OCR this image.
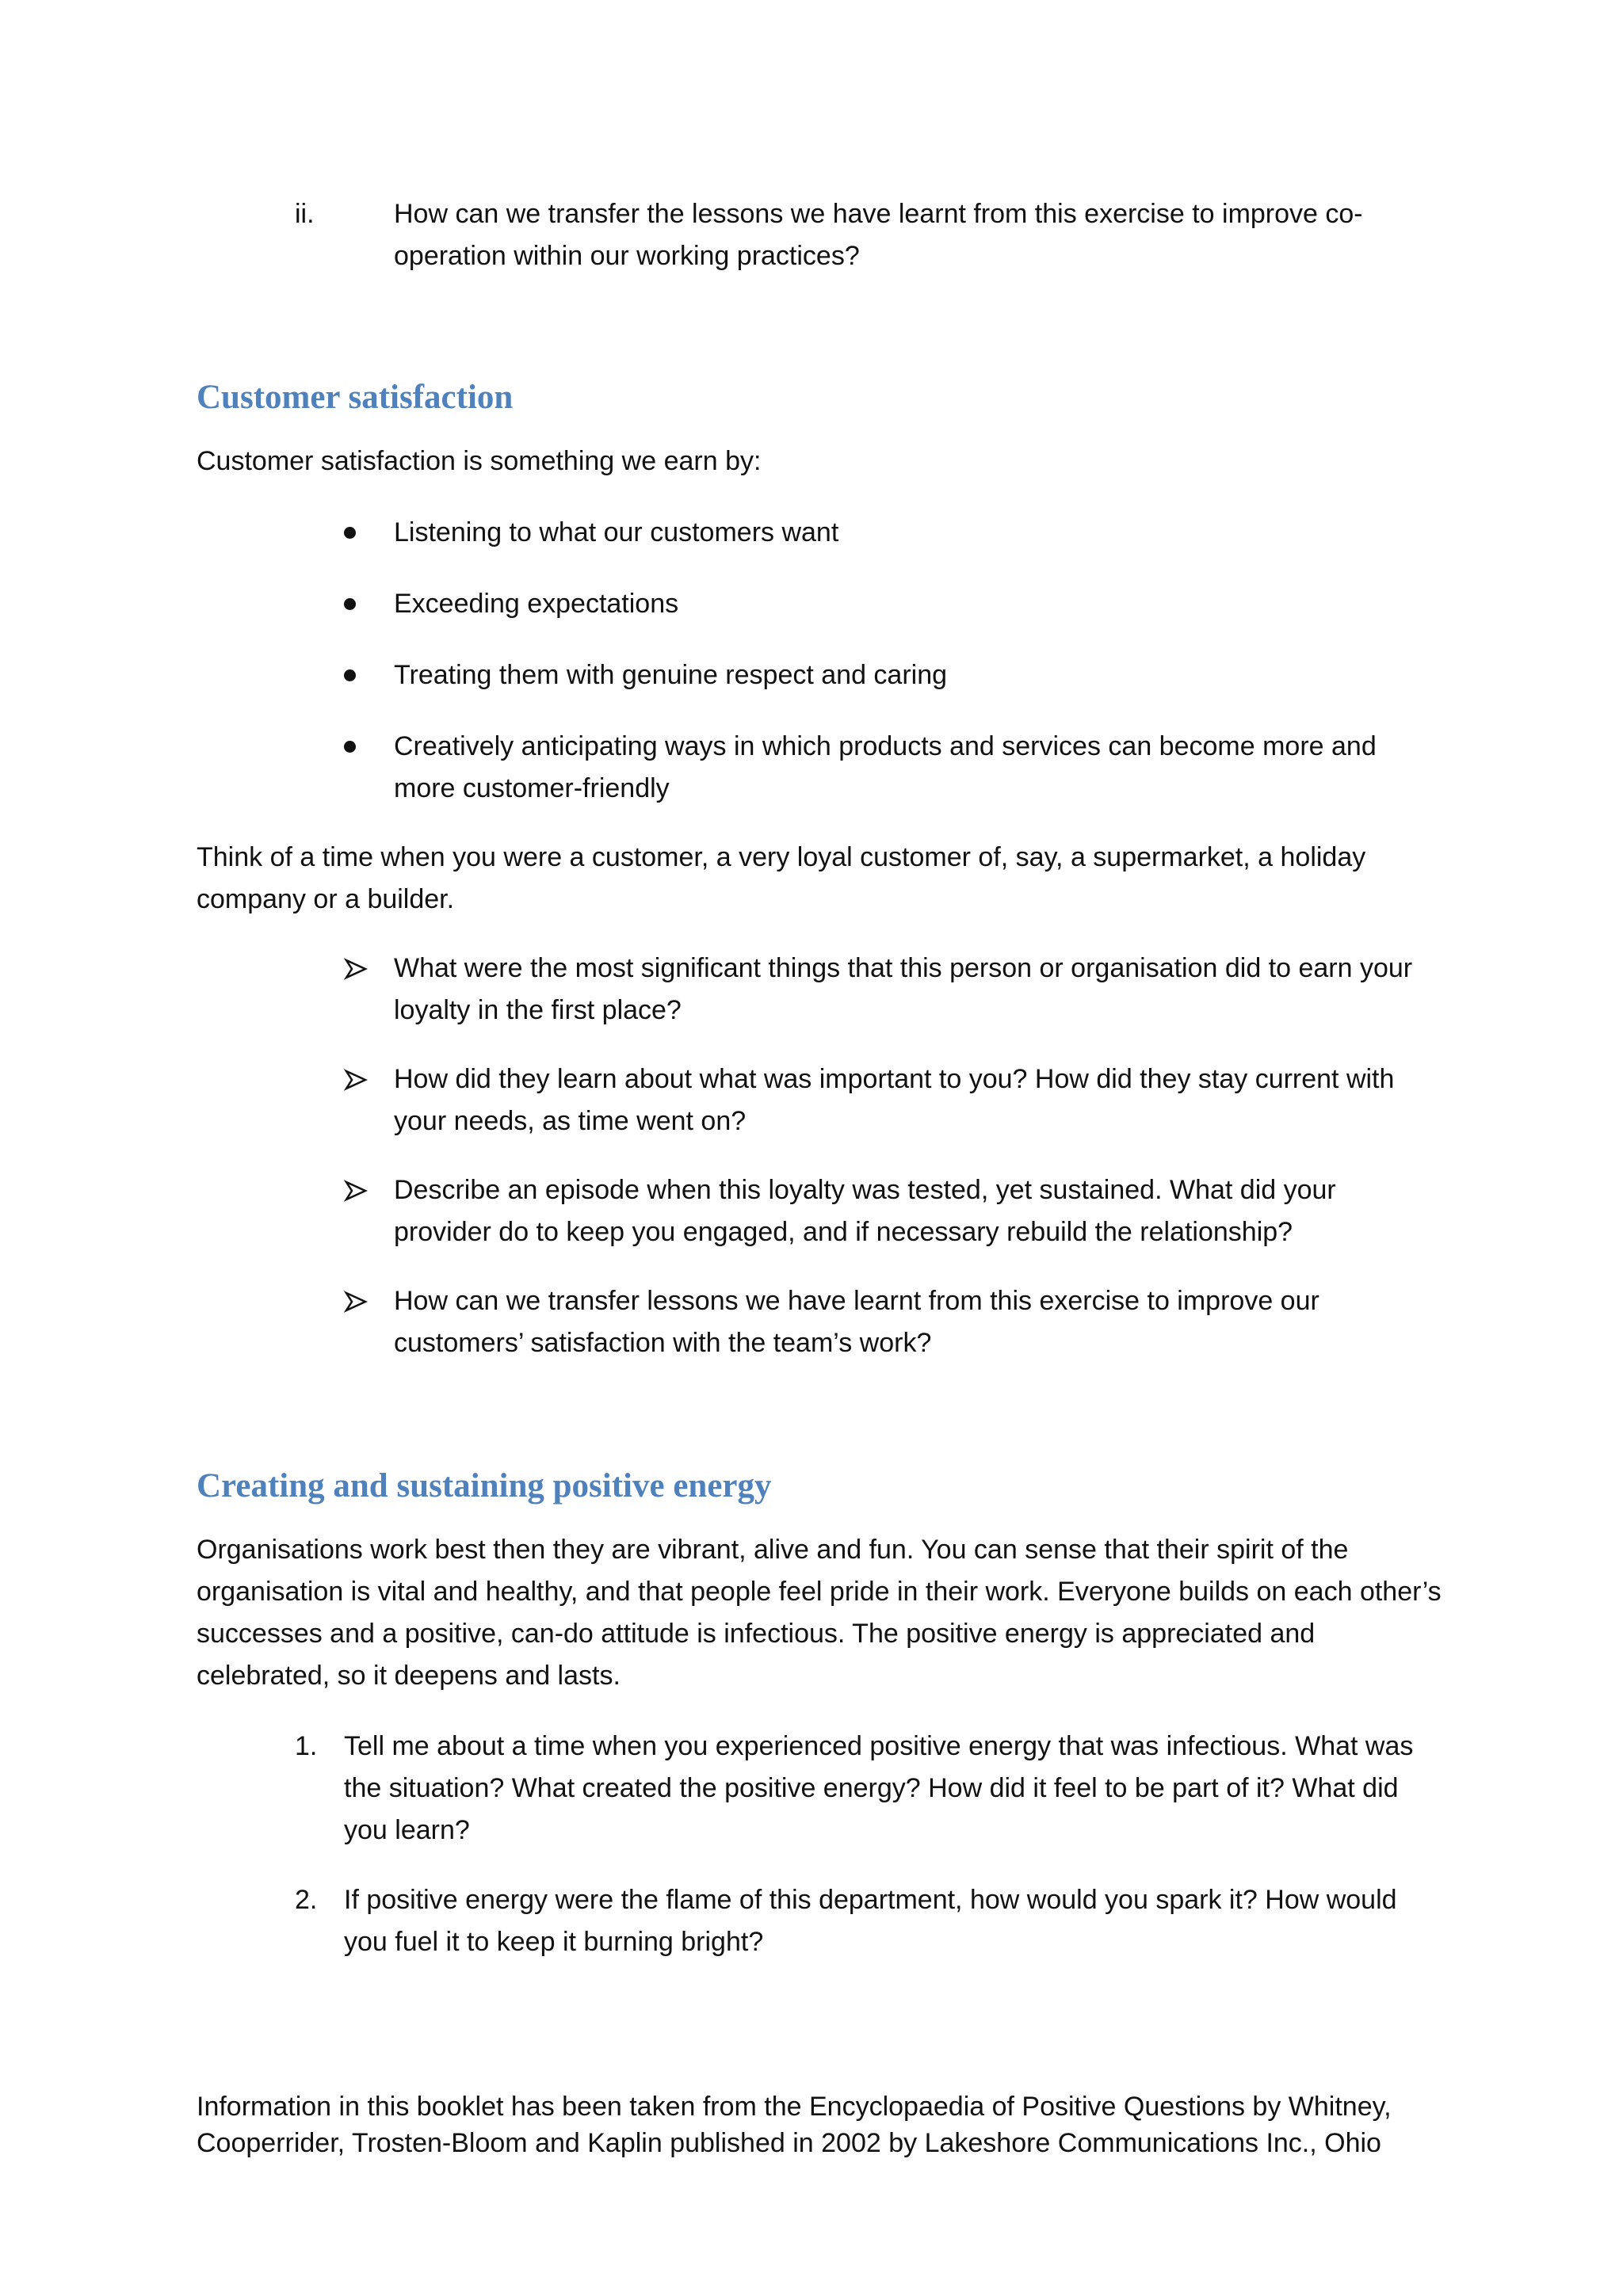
ii.	How can we transfer the lessons we have learnt from this exercise to improve co-operation within our working practices?

Customer satisfaction

Customer satisfaction is something we earn by:

Listening to what our customers want

Exceeding expectations

Treating them with genuine respect and caring

Creatively anticipating ways in which products and services can become more and more customer-friendly

Think of a time when you were a customer, a very loyal customer of, say, a supermarket, a holiday company or a builder.

What were the most significant things that this person or organisation did to earn your loyalty in the first place?

How did they learn about what was important to you? How did they stay current with your needs, as time went on?

Describe an episode when this loyalty was tested, yet sustained. What did your provider do to keep you engaged, and if necessary rebuild the relationship?

How can we transfer lessons we have learnt from this exercise to improve our customers’ satisfaction with the team’s work?

Creating and sustaining positive energy

Organisations work best then they are vibrant, alive and fun. You can sense that their spirit of the organisation is vital and healthy, and that people feel pride in their work. Everyone builds on each other’s successes and a positive, can-do attitude is infectious. The positive energy is appreciated and celebrated, so it deepens and lasts.

1. Tell me about a time when you experienced positive energy that was infectious. What was the situation? What created the positive energy? How did it feel to be part of it? What did you learn?

2. If positive energy were the flame of this department, how would you spark it? How would you fuel it to keep it burning bright?

Information in this booklet has been taken from the Encyclopaedia of Positive Questions by Whitney, Cooperrider, Trosten-Bloom and Kaplin published in 2002 by Lakeshore Communications Inc., Ohio
